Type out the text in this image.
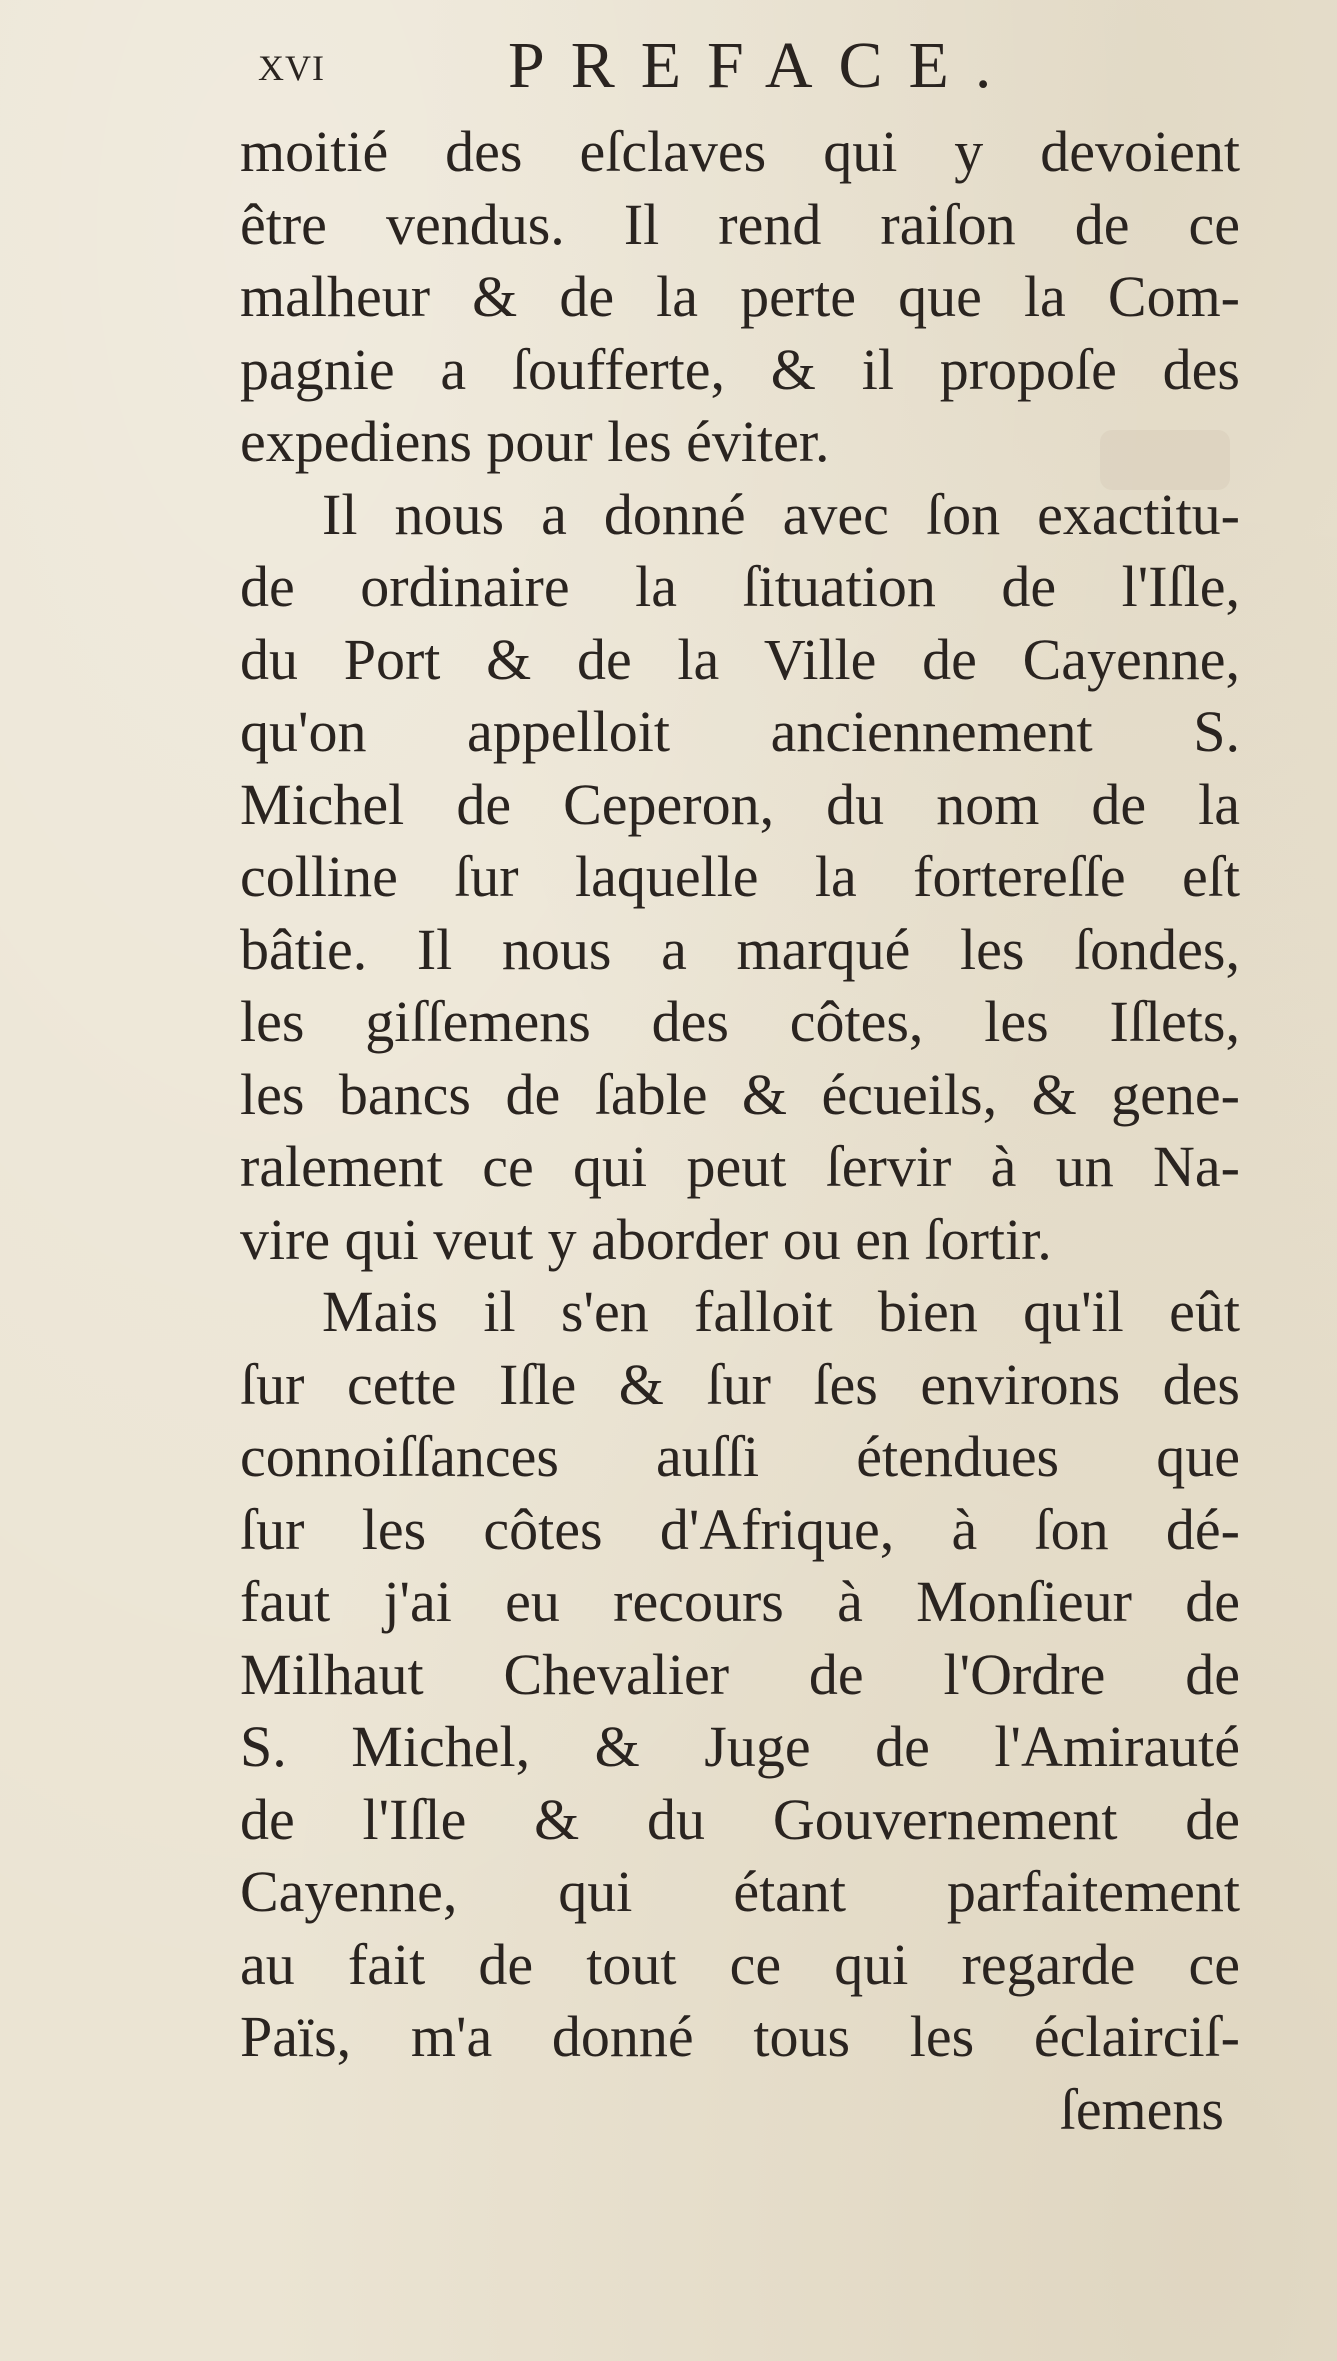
xvi	PREFACE.
moitié des eſclaves qui y devoient
être vendus. Il rend raiſon de ce
malheur & de la perte que la Com-
pagnie a ſoufferte, & il propoſe des
expediens pour les éviter.
Il nous a donné avec ſon exactitu-
de ordinaire la ſituation de l'Iſle,
du Port & de la Ville de Cayenne,
qu'on appelloit anciennement S.
Michel de Ceperon, du nom de la
colline ſur laquelle la fortereſſe eſt
bâtie. Il nous a marqué les ſondes,
les giſſemens des côtes, les Iſlets,
les bancs de ſable & écueils, & gene-
ralement ce qui peut ſervir à un Na-
vire qui veut y aborder ou en ſortir.
Mais il s'en falloit bien qu'il eût
ſur cette Iſle & ſur ſes environs des
connoiſſances auſſi étendues que
ſur les côtes d'Afrique, à ſon dé-
faut j'ai eu recours à Monſieur de
Milhaut Chevalier de l'Ordre de
S. Michel, & Juge de l'Amirauté
de l'Iſle & du Gouvernement de
Cayenne, qui étant parfaitement
au fait de tout ce qui regarde ce
Païs, m'a donné tous les éclairciſ-
ſemens
